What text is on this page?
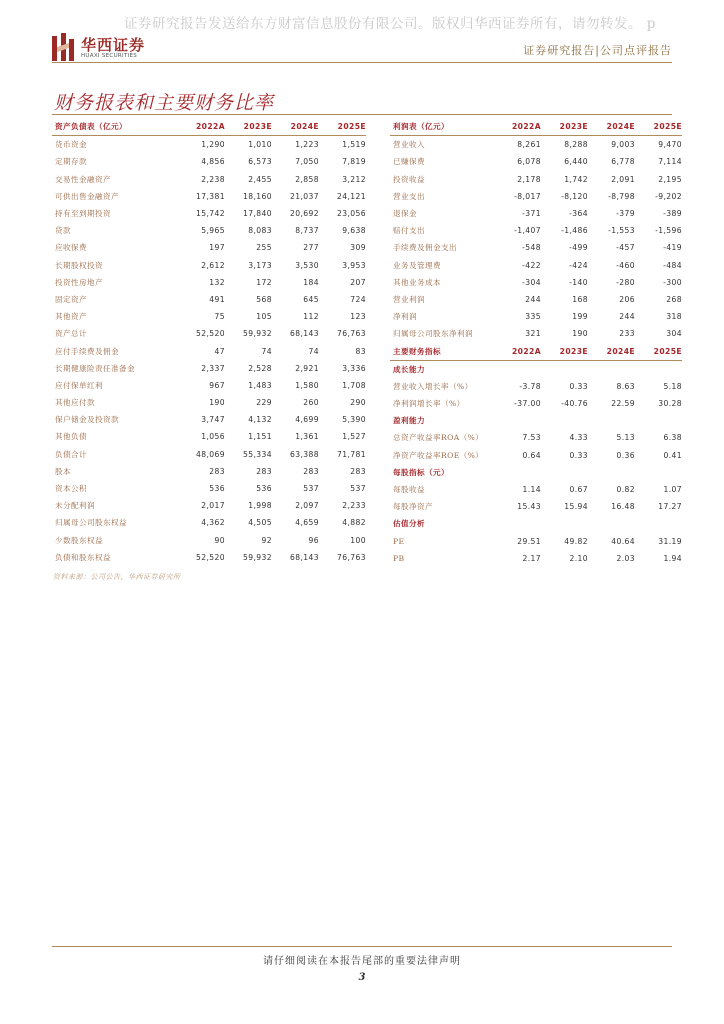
证券研究报告发送给东方财富信息股份有限公司。版权归华西证券所有，请勿转发。 p
华西证券
HUAXI SECURITIES	证券研究报告|公司点评报告
财务报表和主要财务比率
资产负债表（亿元）	2022A	2023E	2024E	2025E
货币资金	1,290	1,010	1,223	1,519
定期存款	4,856	6,573	7,050	7,819
交易性金融资产	2,238	2,455	2,858	3,212
可供出售金融资产	17,381	18,160	21,037	24,121
持有至到期投资	15,742	17,840	20,692	23,056
贷款	5,965	8,083	8,737	9,638
应收保费	197	255	277	309
长期股权投资	2,612	3,173	3,530	3,953
投资性房地产	132	172	184	207
固定资产	491	568	645	724
其他资产	75	105	112	123
资产总计	52,520	59,932	68,143	76,763
应付手续费及佣金	47	74	74	83
长期健康险责任准备金	2,337	2,528	2,921	3,336
应付保单红利	967	1,483	1,580	1,708
其他应付款	190	229	260	290
保户储金及投资款	3,747	4,132	4,699	5,390
其他负债	1,056	1,151	1,361	1,527
负债合计	48,069	55,334	63,388	71,781
股本	283	283	283	283
资本公积	536	536	537	537
未分配利润	2,017	1,998	2,097	2,233
归属母公司股东权益	4,362	4,505	4,659	4,882
少数股东权益	90	92	96	100
负债和股东权益	52,520	59,932	68,143	76,763
利润表（亿元）	2022A	2023E	2024E	2025E
营业收入	8,261	8,288	9,003	9,470
已赚保费	6,078	6,440	6,778	7,114
投资收益	2,178	1,742	2,091	2,195
营业支出	-8,017	-8,120	-8,798	-9,202
退保金	-371	-364	-379	-389
赔付支出	-1,407	-1,486	-1,553	-1,596
手续费及佣金支出	-548	-499	-457	-419
业务及管理费	-422	-424	-460	-484
其他业务成本	-304	-140	-280	-300
营业利润	244	168	206	268
净利润	335	199	244	318
归属母公司股东净利润	321	190	233	304
主要财务指标	2022A	2023E	2024E	2025E
成长能力				
营业收入增长率（%）	-3.78	0.33	8.63	5.18
净利润增长率（%）	-37.00	-40.76	22.59	30.28
盈利能力				
总资产收益率ROA（%）	7.53	4.33	5.13	6.38
净资产收益率ROE（%）	0.64	0.33	0.36	0.41
每股指标（元）				
每股收益	1.14	0.67	0.82	1.07
每股净资产	15.43	15.94	16.48	17.27
估值分析				
PE	29.51	49.82	40.64	31.19
PB	2.17	2.10	2.03	1.94
资料来源：公司公告，华西证券研究所
请仔细阅读在本报告尾部的重要法律声明
3
